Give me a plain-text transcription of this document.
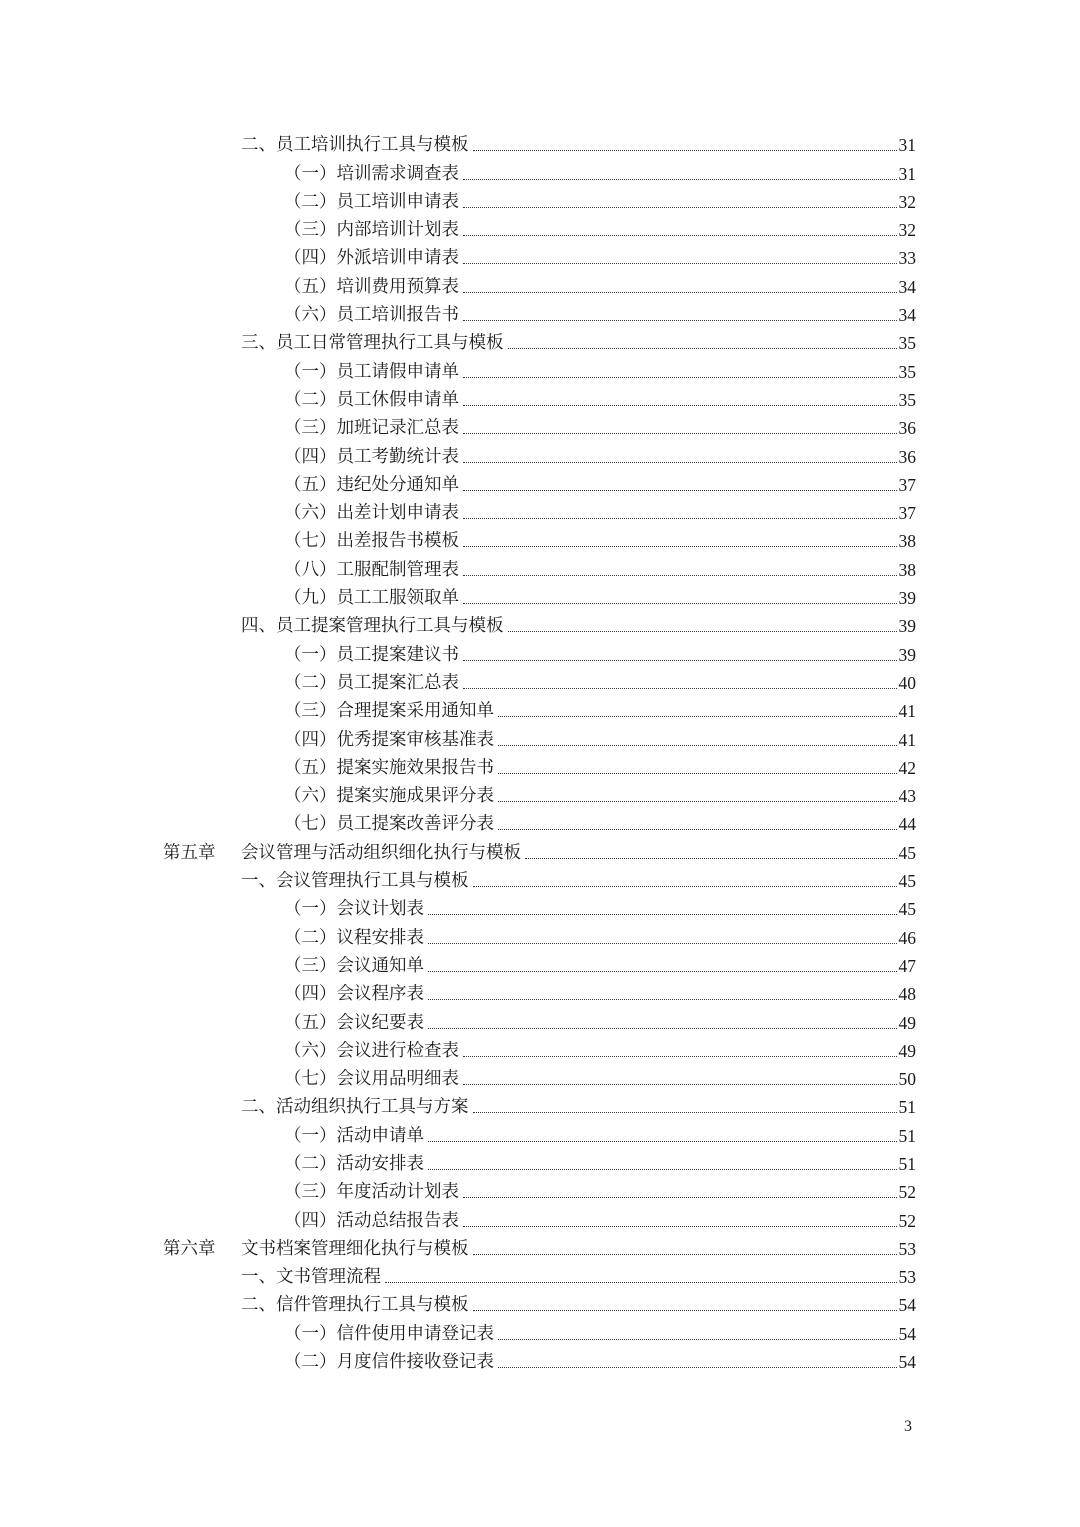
二、员工培训执行工具与模板	31
（一）培训需求调查表	31
（二）员工培训申请表	32
（三）内部培训计划表	32
（四）外派培训申请表	33
（五）培训费用预算表	34
（六）员工培训报告书	34
三、员工日常管理执行工具与模板	35
（一）员工请假申请单	35
（二）员工休假申请单	35
（三）加班记录汇总表	36
（四）员工考勤统计表	36
（五）违纪处分通知单	37
（六）出差计划申请表	37
（七）出差报告书模板	38
（八）工服配制管理表	38
（九）员工工服领取单	39
四、员工提案管理执行工具与模板	39
（一）员工提案建议书	39
（二）员工提案汇总表	40
（三）合理提案采用通知单	41
（四）优秀提案审核基准表	41
（五）提案实施效果报告书	42
（六）提案实施成果评分表	43
（七）员工提案改善评分表	44
第五章 会议管理与活动组织细化执行与模板	45
一、会议管理执行工具与模板	45
（一）会议计划表	45
（二）议程安排表	46
（三）会议通知单	47
（四）会议程序表	48
（五）会议纪要表	49
（六）会议进行检查表	49
（七）会议用品明细表	50
二、活动组织执行工具与方案	51
（一）活动申请单	51
（二）活动安排表	51
（三）年度活动计划表	52
（四）活动总结报告表	52
第六章 文书档案管理细化执行与模板	53
一、文书管理流程	53
二、信件管理执行工具与模板	54
（一）信件使用申请登记表	54
（二）月度信件接收登记表	54
3
